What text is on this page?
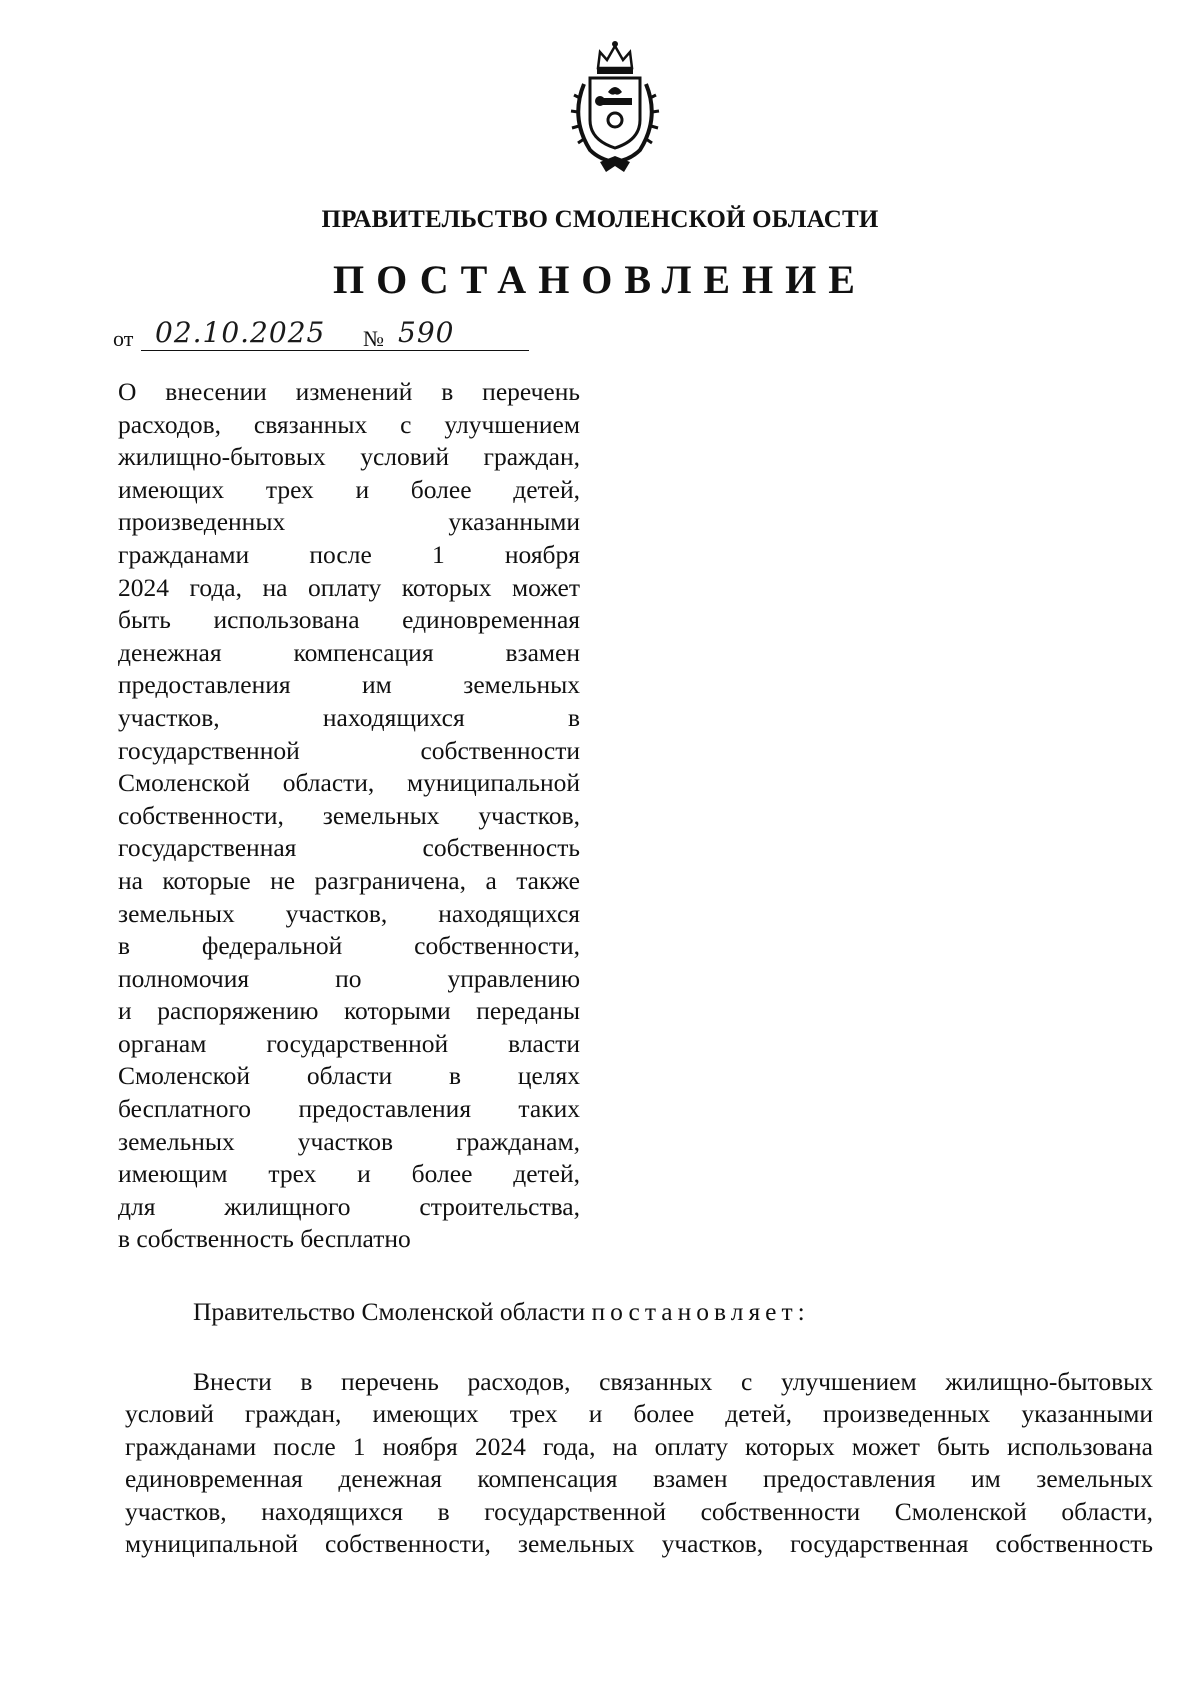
ПРАВИТЕЛЬСТВО СМОЛЕНСКОЙ ОБЛАСТИ
ПОСТАНОВЛЕНИЕ
от 02.10.2025 № 590
О внесении изменений в перечень
расходов, связанных с улучшением
жилищно-бытовых условий граждан,
имеющих трех и более детей,
произведенных указанными
гражданами после 1 ноября
2024 года, на оплату которых может
быть использована единовременная
денежная компенсация взамен
предоставления им земельных
участков, находящихся в
государственной собственности
Смоленской области, муниципальной
собственности, земельных участков,
государственная собственность
на которые не разграничена, а также
земельных участков, находящихся
в федеральной собственности,
полномочия по управлению
и распоряжению которыми переданы
органам государственной власти
Смоленской области в целях
бесплатного предоставления таких
земельных участков гражданам,
имеющим трех и более детей,
для жилищного строительства,
в собственность бесплатно
Правительство Смоленской области постановляет:
Внести в перечень расходов, связанных с улучшением жилищно-бытовых
условий граждан, имеющих трех и более детей, произведенных указанными
гражданами после 1 ноября 2024 года, на оплату которых может быть использована
единовременная денежная компенсация взамен предоставления им земельных
участков, находящихся в государственной собственности Смоленской области,
муниципальной собственности, земельных участков, государственная собственность
